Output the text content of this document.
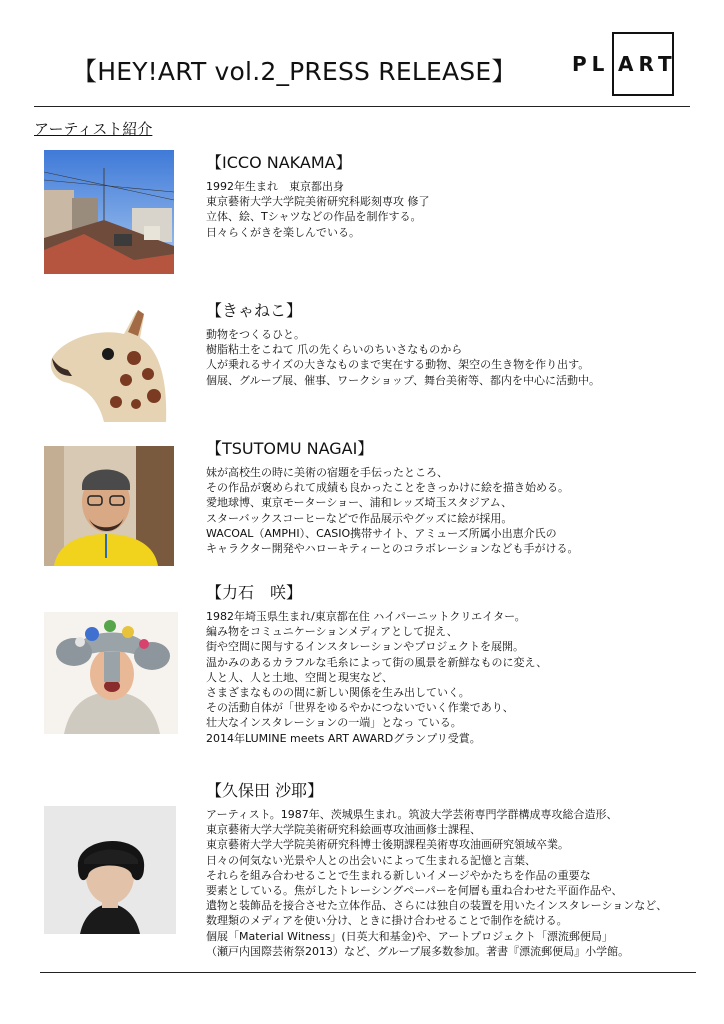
【HEY!ART vol.2_PRESS RELEASE】	PL ART
アーティスト紹介
【ICCO NAKAMA】
1992年生まれ　東京都出身
東京藝術大学大学院美術研究科彫刻専攻 修了
立体、絵、Tシャツなどの作品を制作する。
日々らくがきを楽しんでいる。
【きゃねこ】
動物をつくるひと。
樹脂粘土をこねて 爪の先くらいのちいさなものから
人が乗れるサイズの大きなものまで実在する動物、架空の生き物を作り出す。
個展、グループ展、催事、ワークショップ、舞台美術等、都内を中心に活動中。
【TSUTOMU NAGAI】
妹が高校生の時に美術の宿題を手伝ったところ、
その作品が褒められて成績も良かったことをきっかけに絵を描き始める。
愛地球博、東京モーターショー、浦和レッズ埼玉スタジアム、
スターバックスコーヒーなどで作品展示やグッズに絵が採用。
WACOAL（AMPHI）、CASIO携帯サイト、アミューズ所属小出恵介氏の
キャラクター開発やハローキティーとのコラボレーションなども手がける。
【力石　咲】
1982年埼玉県生まれ/東京都在住 ハイパーニットクリエイター。
編み物をコミュニケーションメディアとして捉え、
街や空間に関与するインスタレーションやプロジェクトを展開。
温かみのあるカラフルな毛糸によって街の風景を新鮮なものに変え、
人と人、人と土地、空間と現実など、
さまざまなものの間に新しい関係を生み出していく。
その活動自体が「世界をゆるやかにつないでいく作業であり、
壮大なインスタレーションの一端」となっ ている。
2014年LUMINE meets ART AWARDグランプリ受賞。
【久保田 沙耶】
アーティスト。1987年、茨城県生まれ。筑波大学芸術専門学群構成専攻総合造形、
東京藝術大学大学院美術研究科絵画専攻油画修士課程、
東京藝術大学大学院美術研究科博士後期課程美術専攻油画研究領域卒業。
日々の何気ない光景や人との出会いによって生まれる記憶と言葉、
それらを組み合わせることで生まれる新しいイメージやかたちを作品の重要な
要素としている。焦がしたトレーシングペーパーを何層も重ね合わせた平面作品や、
遺物と装飾品を接合させた立体作品、さらには独自の装置を用いたインスタレーションなど、
数理類のメディアを使い分け、ときに掛け合わせることで制作を続ける。
個展「Material Witness」(日英大和基金)や、アートプロジェクト「漂流郵便局」
（瀬戸内国際芸術祭2013）など、グループ展多数参加。著書『漂流郵便局』小学館。
